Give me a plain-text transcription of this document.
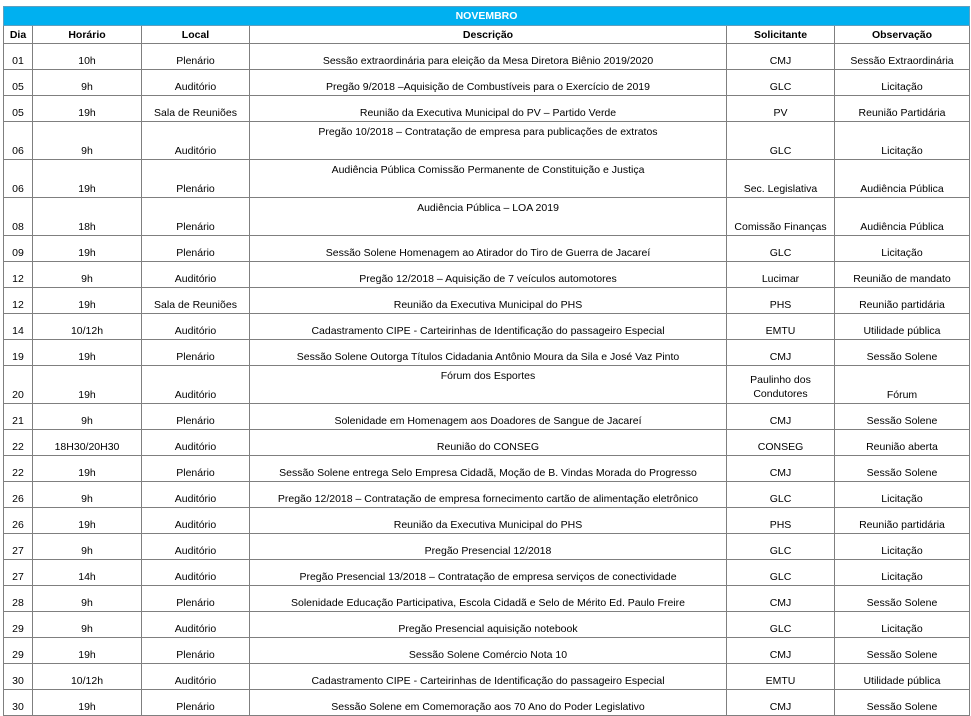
NOVEMBRO					
Dia	Horário	Local	Descrição	Solicitante	Observação
01	10h	Plenário	Sessão extraordinária para eleição da Mesa Diretora Biênio 2019/2020	CMJ	Sessão Extraordinária
05	9h	Auditório	Pregão 9/2018 –Aquisição de Combustíveis para o Exercício de 2019	GLC	Licitação
05	19h	Sala de Reuniões	Reunião da Executiva Municipal do PV – Partido Verde	PV	Reunião Partidária
06	9h	Auditório	Pregão 10/2018 – Contratação de empresa para publicações de extratos	GLC	Licitação
06	19h	Plenário	Audiência Pública Comissão Permanente de Constituição e Justiça	Sec. Legislativa	Audiência Pública
08	18h	Plenário	Audiência Pública – LOA 2019	Comissão Finanças	Audiência Pública
09	19h	Plenário	Sessão Solene Homenagem ao Atirador do Tiro de Guerra de Jacareí	GLC	Licitação
12	9h	Auditório	Pregão 12/2018 – Aquisição de 7 veículos automotores	Lucimar	Reunião de mandato
12	19h	Sala de Reuniões	Reunião da Executiva Municipal do PHS	PHS	Reunião partidária
14	10/12h	Auditório	Cadastramento CIPE - Carteirinhas de Identificação do passageiro Especial	EMTU	Utilidade pública
19	19h	Plenário	Sessão Solene Outorga Títulos Cidadania Antônio Moura da Sila e José Vaz Pinto	CMJ	Sessão Solene
20	19h	Auditório	Fórum dos Esportes	Paulinho dos Condutores	Fórum
21	9h	Plenário	Solenidade em Homenagem aos Doadores de Sangue de Jacareí	CMJ	Sessão Solene
22	18H30/20H30	Auditório	Reunião do CONSEG	CONSEG	Reunião aberta
22	19h	Plenário	Sessão Solene entrega Selo Empresa Cidadã, Moção de B. Vindas Morada do Progresso	CMJ	Sessão Solene
26	9h	Auditório	Pregão 12/2018 – Contratação de empresa fornecimento cartão de alimentação eletrônico	GLC	Licitação
26	19h	Auditório	Reunião da Executiva Municipal do PHS	PHS	Reunião partidária
27	9h	Auditório	Pregão Presencial 12/2018	GLC	Licitação
27	14h	Auditório	Pregão Presencial 13/2018 – Contratação de empresa serviços de conectividade	GLC	Licitação
28	9h	Plenário	Solenidade Educação Participativa, Escola Cidadã e Selo de Mérito Ed. Paulo Freire	CMJ	Sessão Solene
29	9h	Auditório	Pregão Presencial aquisição notebook	GLC	Licitação
29	19h	Plenário	Sessão Solene Comércio Nota 10	CMJ	Sessão Solene
30	10/12h	Auditório	Cadastramento CIPE - Carteirinhas de Identificação do passageiro Especial	EMTU	Utilidade pública
30	19h	Plenário	Sessão Solene em Comemoração aos 70 Ano do Poder Legislativo	CMJ	Sessão Solene
